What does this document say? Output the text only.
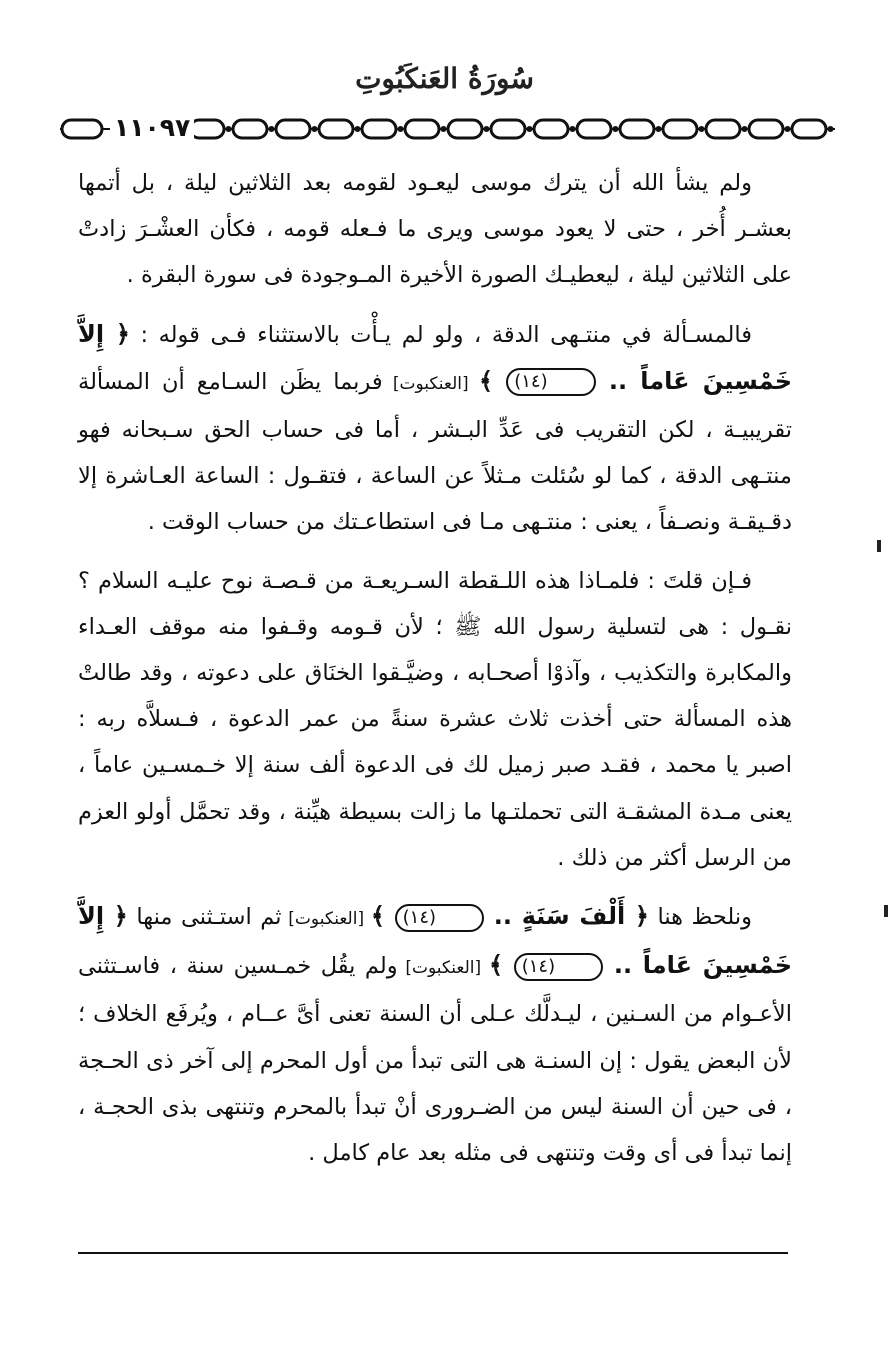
سُورَةُ العَنكَبُوتِ
١١٠٩٧

ولم يشأ الله أن يترك موسى ليعـود لقومه بعد الثلاثين ليلة ، بل أتمها بعشـر أُخر ، حتى لا يعود موسى ويرى ما فـعله قومه ، فكأن العشْـرَ زادتْ على الثلاثين ليلة ، ليعطيـك الصورة الأخيرة المـوجودة فى سورة البقرة .

فالمسـألة في منتـهى الدقة ، ولو لم يـأْت بالاستثناء فـى قوله : ﴿ إِلاَّ خَمْسِينَ عَاماً .. (١٤) ﴾ [العنكبوت] فربما يظَن السـامع أن المسألة تقريبيـة ، لكن التقريب فى عَدِّ البـشر ، أما فى حساب الحق سـبحانه فهو منتـهى الدقة ، كما لو سُئلت مـثلاً عن الساعة ، فتقـول : الساعة العـاشرة إلا دقـيقـة ونصـفاً ، يعنى : منتـهى مـا فى استطاعـتك من حساب الوقت .

فـإن قلتَ : فلمـاذا هذه اللـقطة السـريعـة من قـصـة نوح عليـه السلام ؟ نقـول : هى لتسلية رسول الله ﷺ ؛ لأن قـومه وقـفوا منه موقف العـداء والمكابرة والتكذيب ، وآذوْا أصحـابه ، وضيَّـقوا الخنَاق على دعوته ، وقد طالتْ هذه المسألة حتى أخذت ثلاث عشرة سنةً من عمر الدعوة ، فـسلاَّه ربه : اصبر يا محمد ، فقـد صبر زميل لك فى الدعوة ألف سنة إلا خـمسـين عاماً ، يعنى مـدة المشقـة التى تحملتـها ما زالت بسيطة هيِّنة ، وقد تحمَّل أولو العزم من الرسل أكثر من ذلك .

ونلحظ هنا ﴿ أَلْفَ سَنَةٍ .. (١٤) ﴾ [العنكبوت] ثم استـثنى منها ﴿ إِلاَّ خَمْسِينَ عَاماً .. (١٤) ﴾ [العنكبوت] ولم يقُل خمـسين سنة ، فاسـتثنى الأعـوام من السـنين ، ليـدلَّك عـلى أن السنة تعنى أىَّ عــام ، ويُرفَع الخلاف ؛ لأن البعض يقول : إن السنـة هى التى تبدأ من أول المحرم إلى آخر ذى الحـجة ، فى حين أن السنة ليس من الضـرورى أنْ تبدأ بالمحرم وتنتهى بذى الحجـة ، إنما تبدأ فى أى وقت وتنتهى فى مثله بعد عام كامل .
